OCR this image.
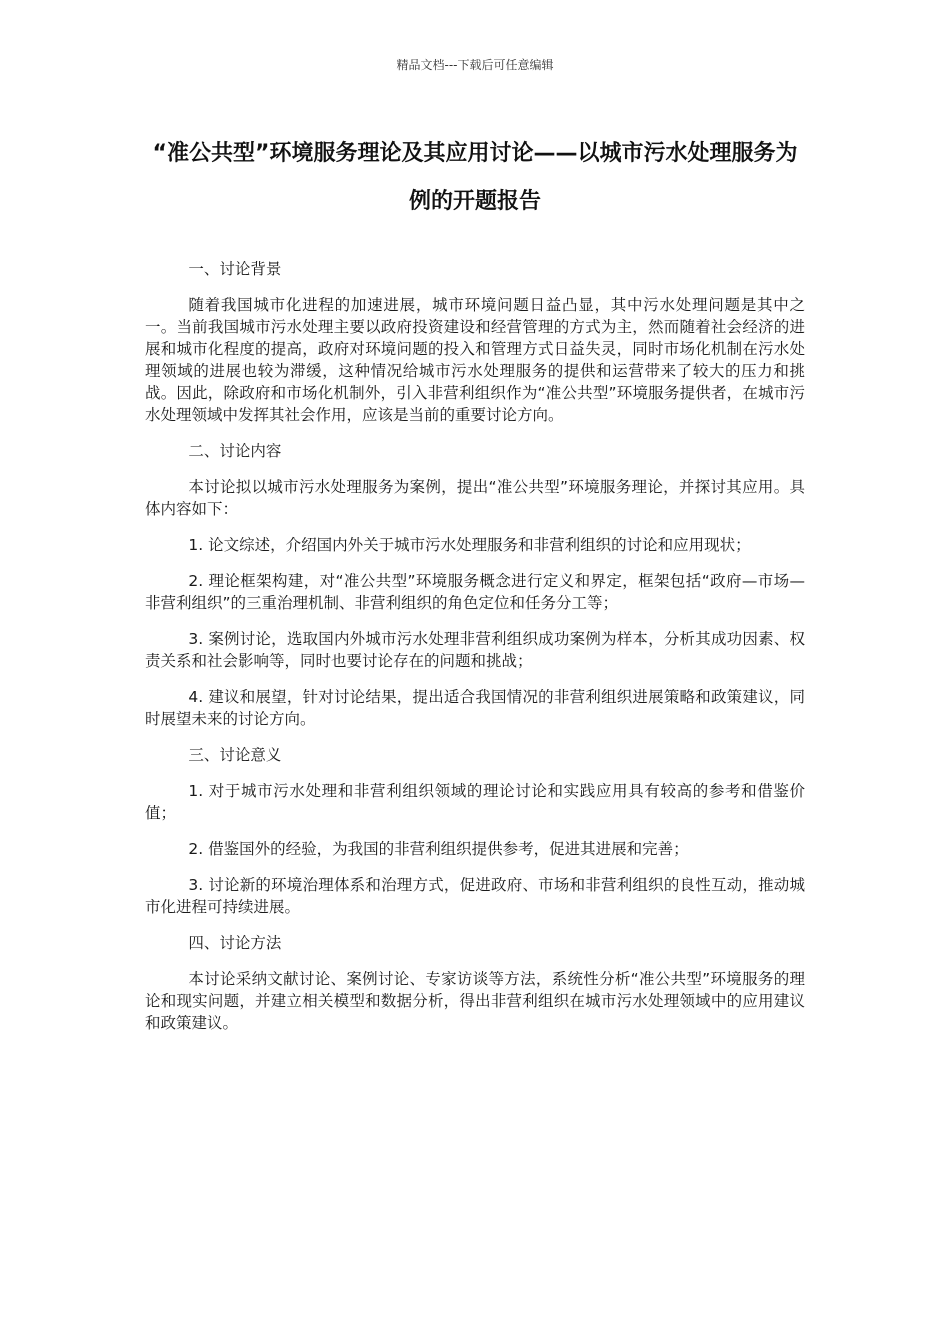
精品文档---下载后可任意编辑
“准公共型”环境服务理论及其应用讨论——以城市污水处理服务为例的开题报告

一、讨论背景

随着我国城市化进程的加速进展，城市环境问题日益凸显，其中污水处理问题是其中之一。当前我国城市污水处理主要以政府投资建设和经营管理的方式为主，然而随着社会经济的进展和城市化程度的提高，政府对环境问题的投入和管理方式日益失灵，同时市场化机制在污水处理领域的进展也较为滞缓，这种情况给城市污水处理服务的提供和运营带来了较大的压力和挑战。因此，除政府和市场化机制外，引入非营利组织作为“准公共型”环境服务提供者，在城市污水处理领域中发挥其社会作用，应该是当前的重要讨论方向。

二、讨论内容

本讨论拟以城市污水处理服务为案例，提出“准公共型”环境服务理论，并探讨其应用。具体内容如下：

1. 论文综述，介绍国内外关于城市污水处理服务和非营利组织的讨论和应用现状；

2. 理论框架构建，对“准公共型”环境服务概念进行定义和界定，框架包括“政府—市场—非营利组织”的三重治理机制、非营利组织的角色定位和任务分工等；

3. 案例讨论，选取国内外城市污水处理非营利组织成功案例为样本，分析其成功因素、权责关系和社会影响等，同时也要讨论存在的问题和挑战；

4. 建议和展望，针对讨论结果，提出适合我国情况的非营利组织进展策略和政策建议，同时展望未来的讨论方向。

三、讨论意义

1. 对于城市污水处理和非营利组织领域的理论讨论和实践应用具有较高的参考和借鉴价值；

2. 借鉴国外的经验，为我国的非营利组织提供参考，促进其进展和完善；

3. 讨论新的环境治理体系和治理方式，促进政府、市场和非营利组织的良性互动，推动城市化进程可持续进展。

四、讨论方法

本讨论采纳文献讨论、案例讨论、专家访谈等方法，系统性分析“准公共型”环境服务的理论和现实问题，并建立相关模型和数据分析，得出非营利组织在城市污水处理领域中的应用建议和政策建议。
